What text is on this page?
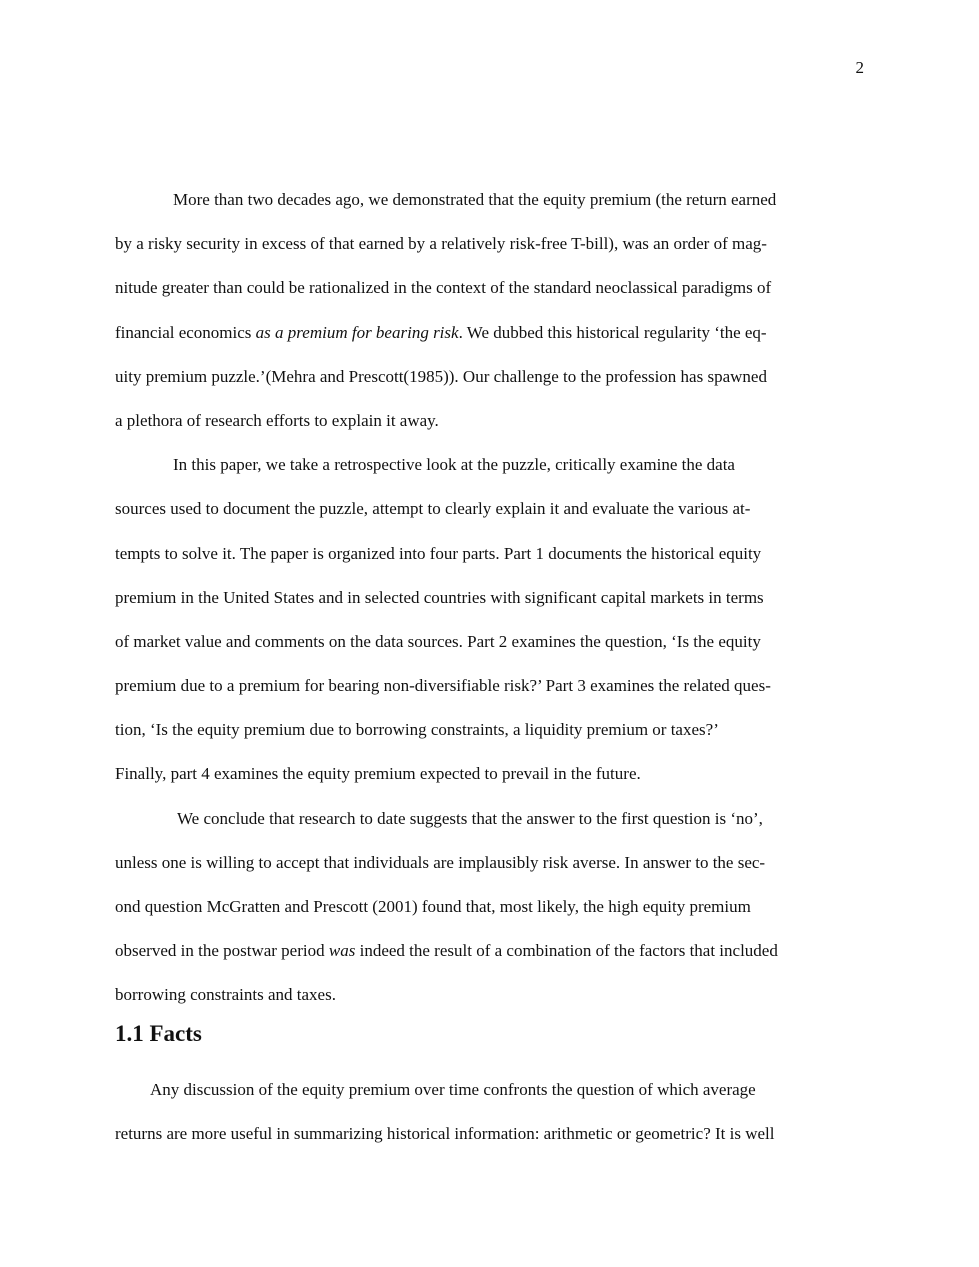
2
More than two decades ago, we demonstrated that the equity premium (the return earned
by a risky security in excess of that earned by a relatively risk-free T-bill), was an order of mag-
nitude greater than could be rationalized in the context of the standard neoclassical paradigms of
financial economics as a premium for bearing risk. We dubbed this historical regularity ‘the eq-
uity premium puzzle.’(Mehra and Prescott(1985)). Our challenge to the profession has spawned
a plethora of research efforts to explain it away.
In this paper, we take a retrospective look at the puzzle, critically examine the data
sources used to document the puzzle, attempt to clearly explain it and evaluate the various at-
tempts to solve it. The paper is organized into four parts. Part 1 documents the historical equity
premium in the United States and in selected countries with significant capital markets in terms
of market value and comments on the data sources. Part 2 examines the question, ‘Is the equity
premium due to a premium for bearing non-diversifiable risk?’ Part 3 examines the related ques-
tion, ‘Is the equity premium due to borrowing constraints, a liquidity premium or taxes?’
Finally, part 4 examines the equity premium expected to prevail in the future.
We conclude that research to date suggests that the answer to the first question is ‘no’,
unless one is willing to accept that individuals are implausibly risk averse. In answer to the sec-
ond question McGratten and Prescott (2001) found that, most likely, the high equity premium
observed in the postwar period was indeed the result of a combination of the factors that included
borrowing constraints and taxes.
1.1 Facts
Any discussion of the equity premium over time confronts the question of which average
returns are more useful in summarizing historical information: arithmetic or geometric? It is well
